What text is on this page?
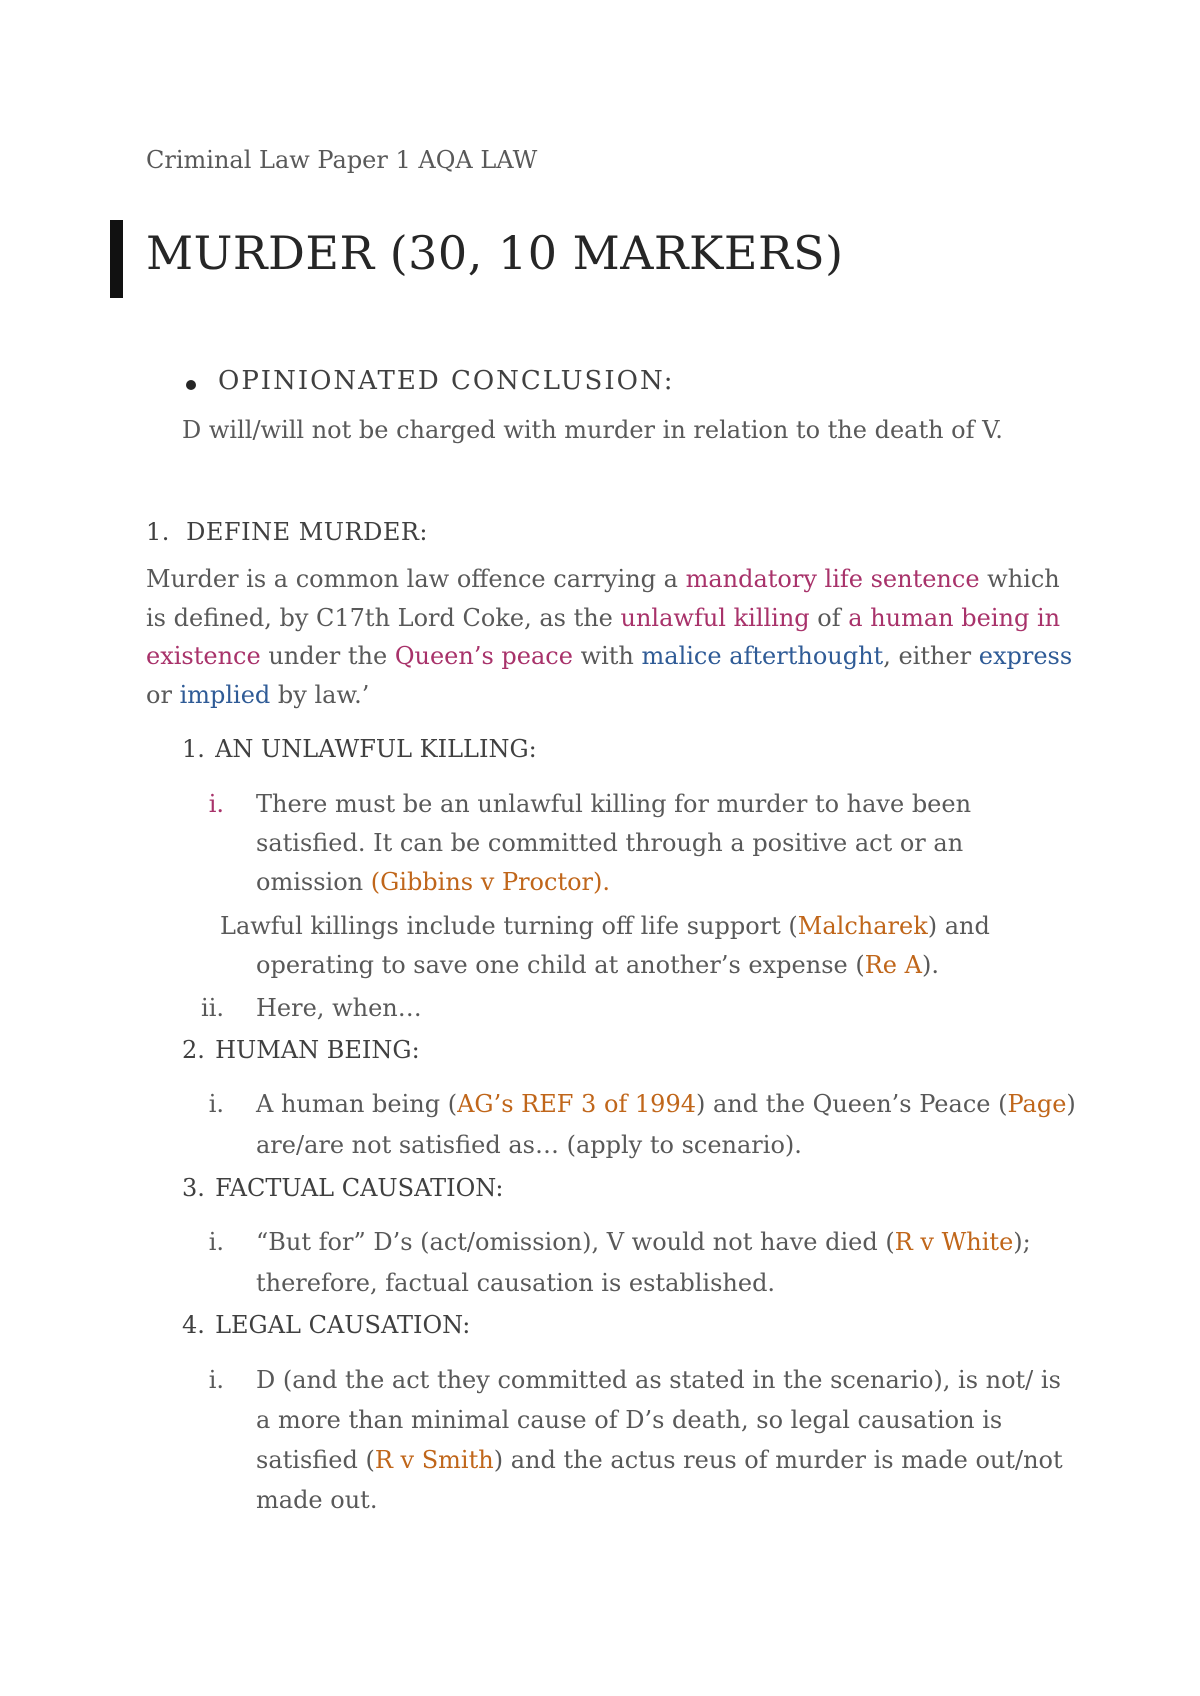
Criminal Law Paper 1 AQA LAW
MURDER (30, 10 MARKERS)
OPINIONATED CONCLUSION:
D will/will not be charged with murder in relation to the death of V.
1. DEFINE MURDER:
Murder is a common law offence carrying a mandatory life sentence which
is defined, by C17th Lord Coke, as the unlawful killing of a human being in
existence under the Queen’s peace with malice afterthought, either express
or implied by law.’
1. AN UNLAWFUL KILLING:
i. There must be an unlawful killing for murder to have been
satisfied. It can be committed through a positive act or an
omission (Gibbins v Proctor).
Lawful killings include turning off life support (Malcharek) and
operating to save one child at another’s expense (Re A).
ii. Here, when…
2. HUMAN BEING:
i. A human being (AG’s REF 3 of 1994) and the Queen’s Peace (Page)
are/are not satisfied as… (apply to scenario).
3. FACTUAL CAUSATION:
i. “But for” D’s (act/omission), V would not have died (R v White);
therefore, factual causation is established.
4. LEGAL CAUSATION:
i. D (and the act they committed as stated in the scenario), is not/ is
a more than minimal cause of D’s death, so legal causation is
satisfied (R v Smith) and the actus reus of murder is made out/not
made out.
